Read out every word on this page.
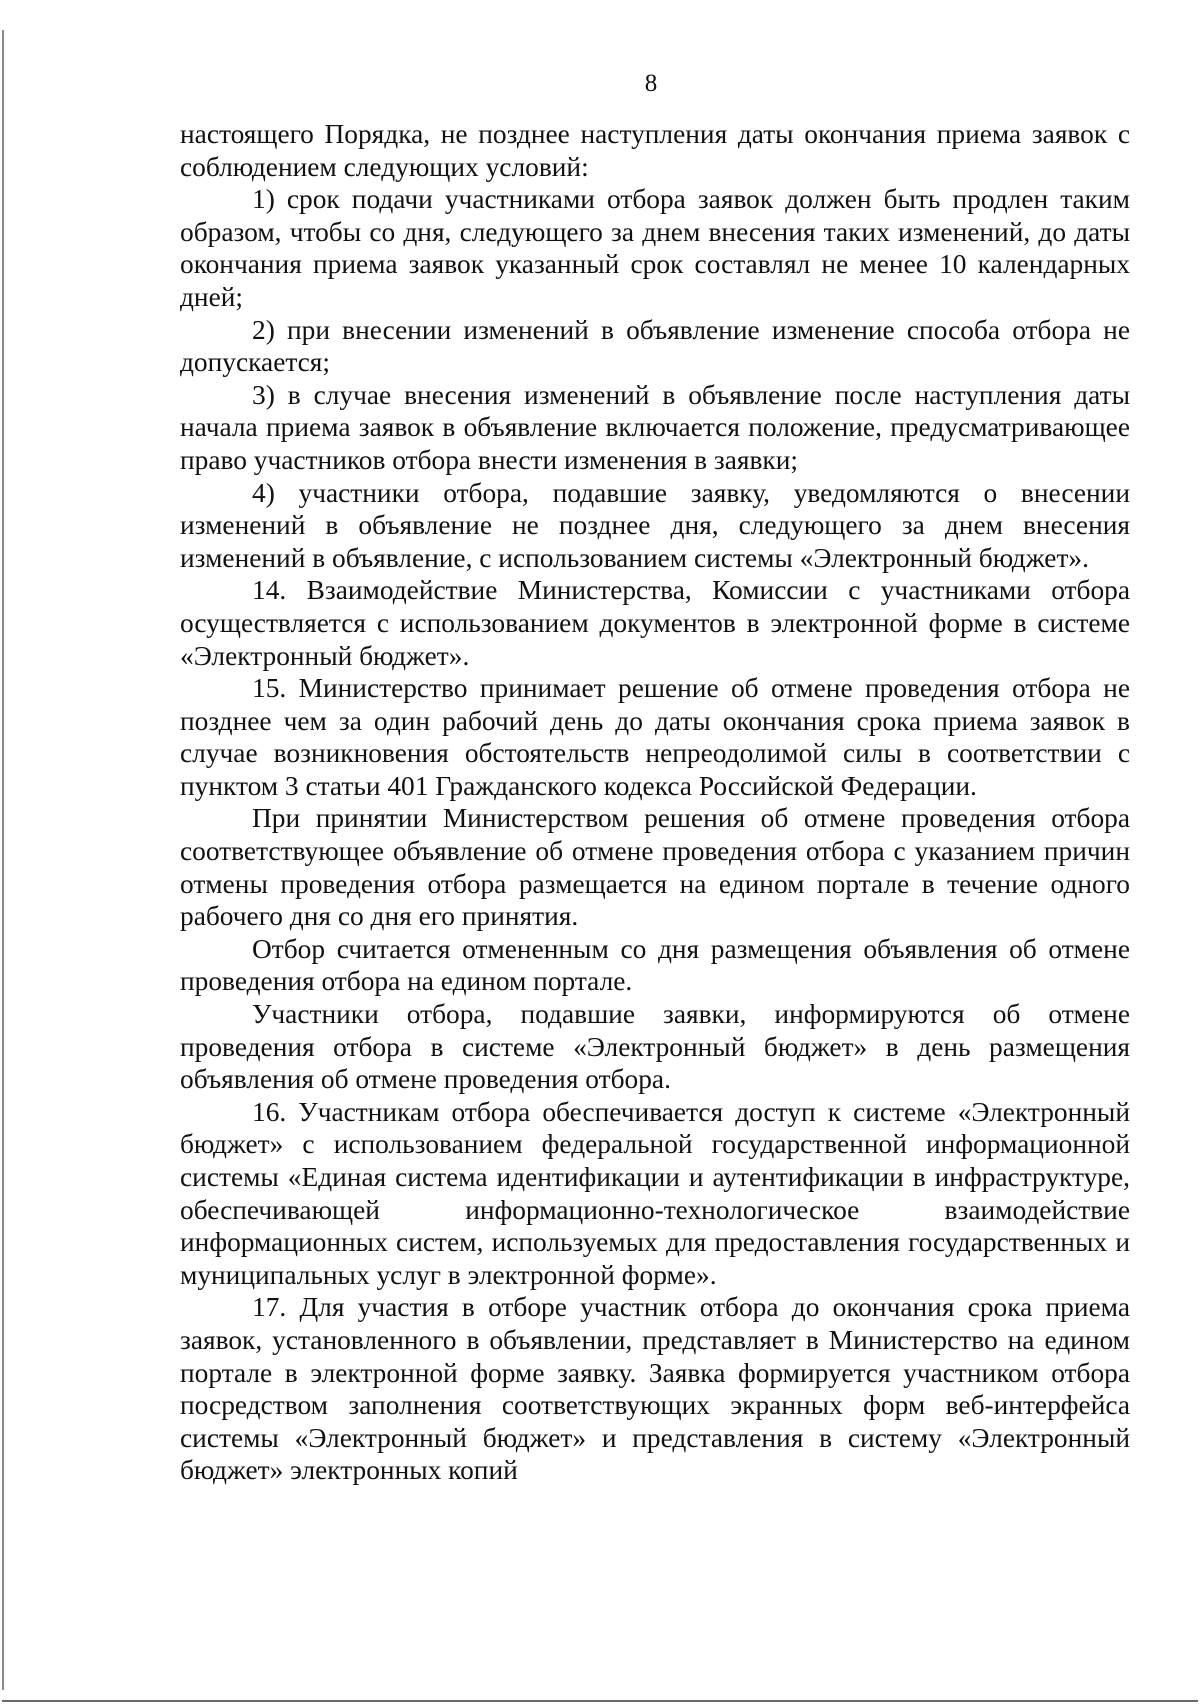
8

настоящего Порядка, не позднее наступления даты окончания приема заявок с соблюдением следующих условий:

1) срок подачи участниками отбора заявок должен быть продлен таким образом, чтобы со дня, следующего за днем внесения таких изменений, до даты окончания приема заявок указанный срок составлял не менее 10 календарных дней;

2) при внесении изменений в объявление изменение способа отбора не допускается;

3) в случае внесения изменений в объявление после наступления даты начала приема заявок в объявление включается положение, предусматривающее право участников отбора внести изменения в заявки;

4) участники отбора, подавшие заявку, уведомляются о внесении изменений в объявление не позднее дня, следующего за днем внесения изменений в объявление, с использованием системы «Электронный бюджет».

14. Взаимодействие Министерства, Комиссии с участниками отбора осуществляется с использованием документов в электронной форме в системе «Электронный бюджет».

15. Министерство принимает решение об отмене проведения отбора не позднее чем за один рабочий день до даты окончания срока приема заявок в случае возникновения обстоятельств непреодолимой силы в соответствии с пунктом 3 статьи 401 Гражданского кодекса Российской Федерации.

При принятии Министерством решения об отмене проведения отбора соответствующее объявление об отмене проведения отбора с указанием причин отмены проведения отбора размещается на едином портале в течение одного рабочего дня со дня его принятия.

Отбор считается отмененным со дня размещения объявления об отмене проведения отбора на едином портале.

Участники отбора, подавшие заявки, информируются об отмене проведения отбора в системе «Электронный бюджет» в день размещения объявления об отмене проведения отбора.

16. Участникам отбора обеспечивается доступ к системе «Электронный бюджет» с использованием федеральной государственной информационной системы «Единая система идентификации и аутентификации в инфраструктуре, обеспечивающей информационно-технологическое взаимодействие информационных систем, используемых для предоставления государственных и муниципальных услуг в электронной форме».

17. Для участия в отборе участник отбора до окончания срока приема заявок, установленного в объявлении, представляет в Министерство на едином портале в электронной форме заявку. Заявка формируется участником отбора посредством заполнения соответствующих экранных форм веб-интерфейса системы «Электронный бюджет» и представления в систему «Электронный бюджет» электронных копий
